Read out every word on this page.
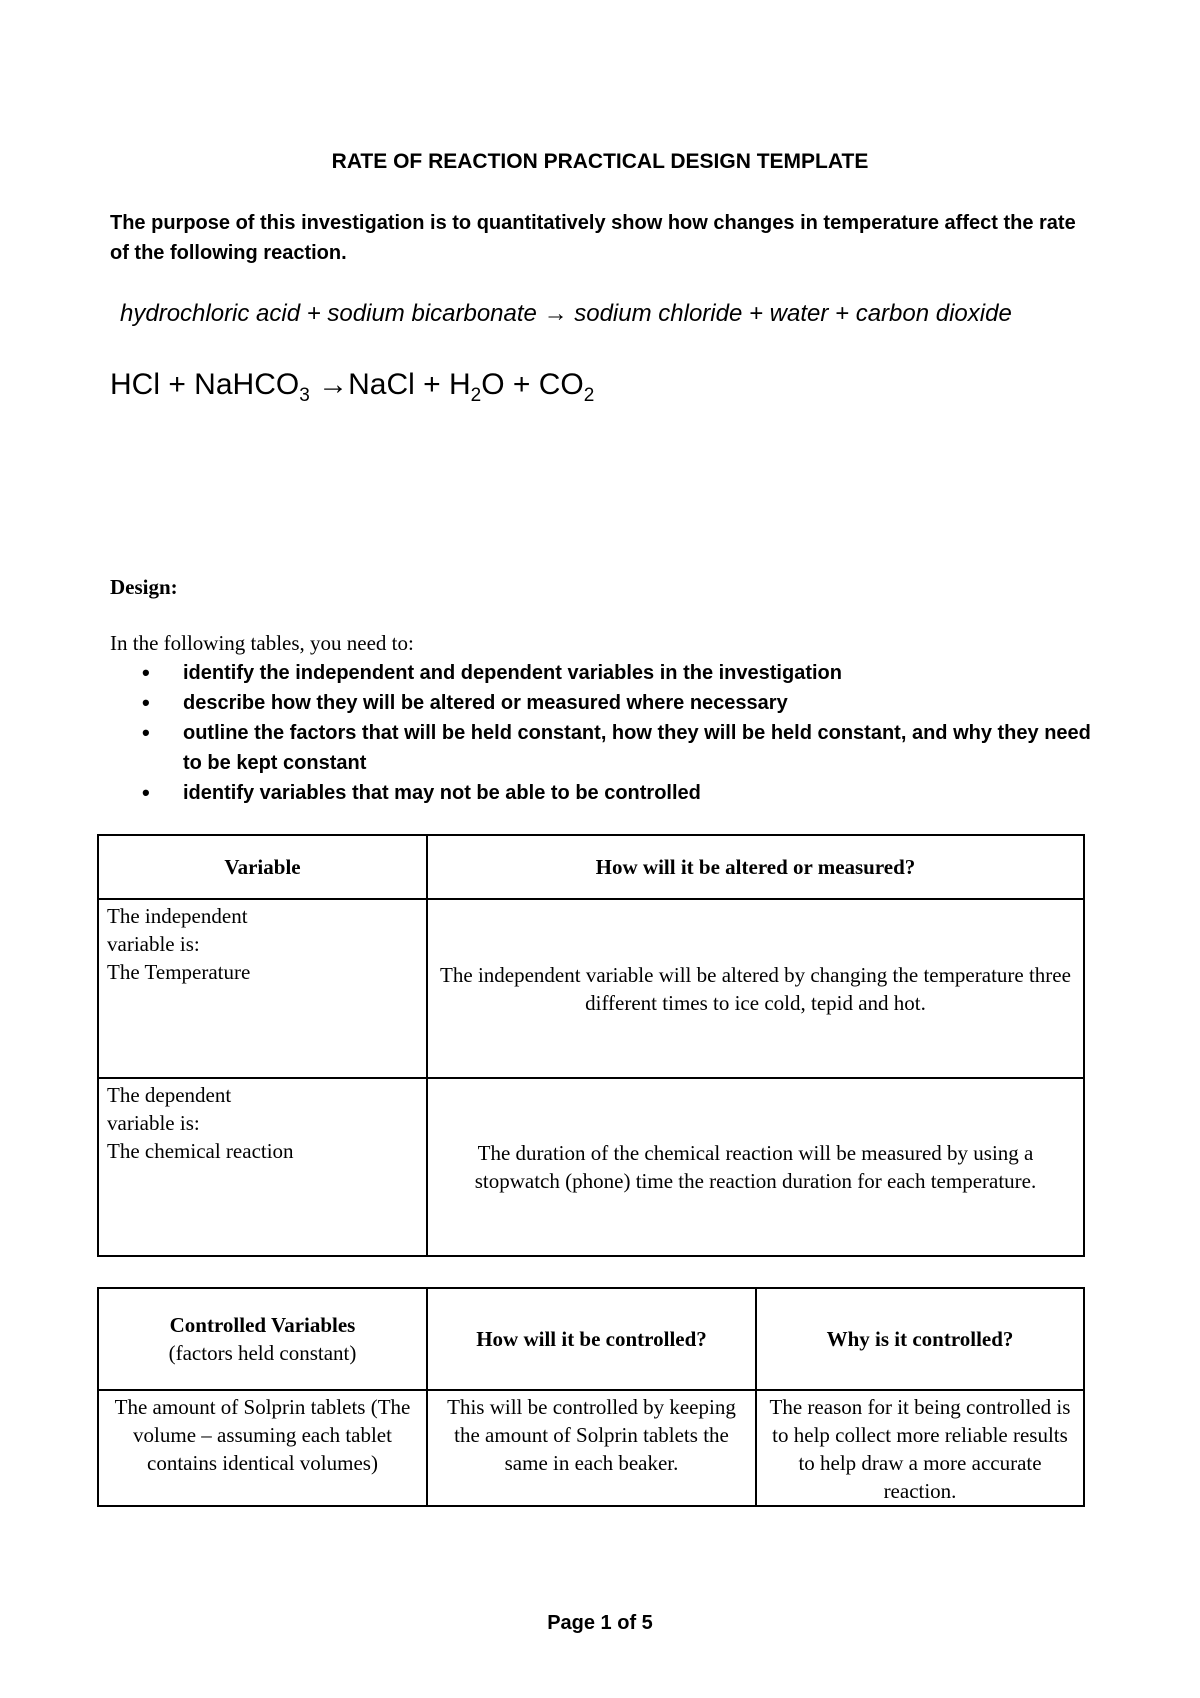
RATE OF REACTION PRACTICAL DESIGN TEMPLATE
The purpose of this investigation is to quantitatively show how changes in temperature affect the rate of the following reaction.
hydrochloric acid + sodium bicarbonate → sodium chloride + water + carbon dioxide
HCl + NaHCO$_3$ →NaCl + $H_2O + CO_2$
Design:
In the following tables, you need to:
• identify the independent and dependent variables in the investigation
• describe how they will be altered or measured where necessary
• outline the factors that will be held constant, how they will be held constant, and why they need to be kept constant
• identify variables that may not be able to be controlled
Variable	How will it be altered or measured?
The independent
variable is:
The Temperature	The independent variable will be altered by changing the temperature three different times to ice cold, tepid and hot.
The dependent
variable is:
The chemical reaction	The duration of the chemical reaction will be measured by using a stopwatch (phone) time the reaction duration for each temperature.
Controlled Variables
(factors held constant)	How will it be controlled?	Why is it controlled?
The amount of Solprin tablets (The volume – assuming each tablet contains identical volumes)	This will be controlled by keeping the amount of Solprin tablets the same in each beaker.	The reason for it being controlled is to help collect more reliable results to help draw a more accurate reaction.
Page 1 of 5
